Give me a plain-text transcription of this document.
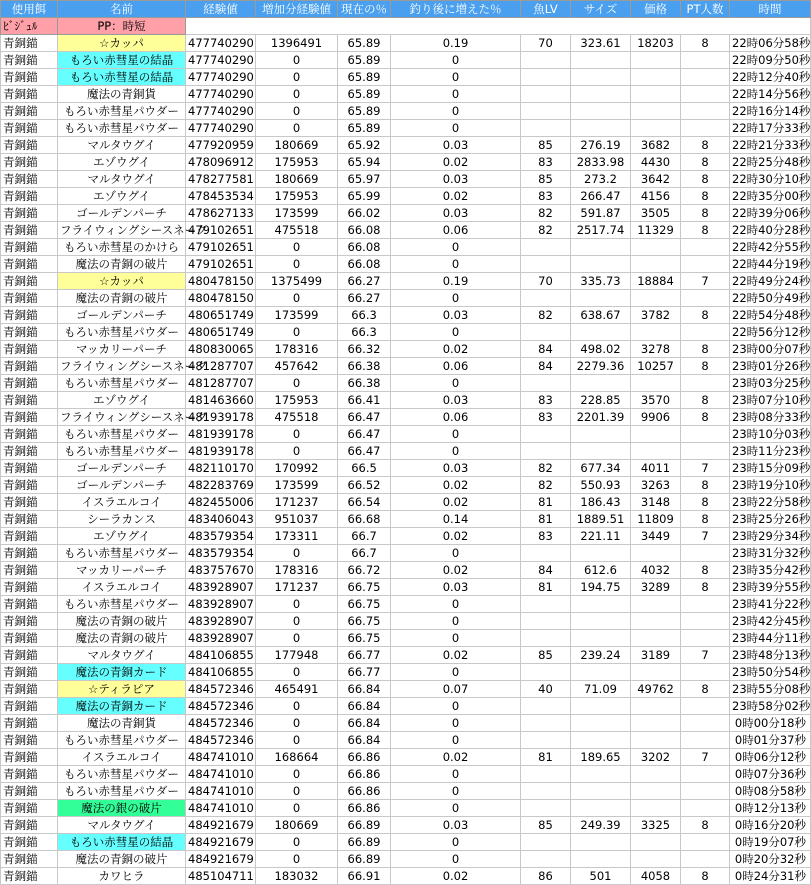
使用餌	名前	経験値	増加分経験値	現在の％	釣り後に増えた％	魚LV	サイズ	価格	PT人数	時間
ﾋﾞｼﾞｭﾙ	PP：時短									
青銅錨	☆カッパ	477740290	1396491	65.89	0.19	70	323.61	18203	8	22時06分58秒
青銅錨	もろい赤彗星の結晶	477740290	0	65.89	0					22時09分50秒
青銅錨	もろい赤彗星の結晶	477740290	0	65.89	0					22時12分40秒
青銅錨	魔法の青銅貨	477740290	0	65.89	0					22時14分56秒
青銅錨	もろい赤彗星パウダー	477740290	0	65.89	0					22時16分14秒
青銅錨	もろい赤彗星パウダー	477740290	0	65.89	0					22時17分33秒
青銅錨	マルタウグイ	477920959	180669	65.92	0.03	85	276.19	3682	8	22時21分33秒
青銅錨	エゾウグイ	478096912	175953	65.94	0.02	83	2833.98	4430	8	22時25分48秒
青銅錨	マルタウグイ	478277581	180669	65.97	0.03	85	273.2	3642	8	22時30分10秒
青銅錨	エゾウグイ	478453534	175953	65.99	0.02	83	266.47	4156	8	22時35分00秒
青銅錨	ゴールデンパーチ	478627133	173599	66.02	0.03	82	591.87	3505	8	22時39分06秒
青銅錨	フライウィングシースネーク	479102651	475518	66.08	0.06	82	2517.74	11329	8	22時40分28秒
青銅錨	もろい赤彗星のかけら	479102651	0	66.08	0					22時42分55秒
青銅錨	魔法の青銅の破片	479102651	0	66.08	0					22時44分19秒
青銅錨	☆カッパ	480478150	1375499	66.27	0.19	70	335.73	18884	7	22時49分24秒
青銅錨	魔法の青銅の破片	480478150	0	66.27	0					22時50分49秒
青銅錨	ゴールデンパーチ	480651749	173599	66.3	0.03	82	638.67	3782	8	22時54分48秒
青銅錨	もろい赤彗星パウダー	480651749	0	66.3	0					22時56分12秒
青銅錨	マッカリーパーチ	480830065	178316	66.32	0.02	84	498.02	3278	8	23時00分07秒
青銅錨	フライウィングシースネーク	481287707	457642	66.38	0.06	84	2279.36	10257	8	23時01分26秒
青銅錨	もろい赤彗星パウダー	481287707	0	66.38	0					23時03分25秒
青銅錨	エゾウグイ	481463660	175953	66.41	0.03	83	228.85	3570	8	23時07分10秒
青銅錨	フライウィングシースネーク	481939178	475518	66.47	0.06	83	2201.39	9906	8	23時08分33秒
青銅錨	もろい赤彗星パウダー	481939178	0	66.47	0					23時10分03秒
青銅錨	もろい赤彗星パウダー	481939178	0	66.47	0					23時11分23秒
青銅錨	ゴールデンパーチ	482110170	170992	66.5	0.03	82	677.34	4011	7	23時15分09秒
青銅錨	ゴールデンパーチ	482283769	173599	66.52	0.02	82	550.93	3263	8	23時19分10秒
青銅錨	イスラエルコイ	482455006	171237	66.54	0.02	81	186.43	3148	8	23時22分58秒
青銅錨	シーラカンス	483406043	951037	66.68	0.14	81	1889.51	11809	8	23時25分26秒
青銅錨	エゾウグイ	483579354	173311	66.7	0.02	83	221.11	3449	7	23時29分34秒
青銅錨	もろい赤彗星パウダー	483579354	0	66.7	0					23時31分32秒
青銅錨	マッカリーパーチ	483757670	178316	66.72	0.02	84	612.6	4032	8	23時35分42秒
青銅錨	イスラエルコイ	483928907	171237	66.75	0.03	81	194.75	3289	8	23時39分55秒
青銅錨	もろい赤彗星パウダー	483928907	0	66.75	0					23時41分22秒
青銅錨	魔法の青銅の破片	483928907	0	66.75	0					23時42分45秒
青銅錨	魔法の青銅の破片	483928907	0	66.75	0					23時44分11秒
青銅錨	マルタウグイ	484106855	177948	66.77	0.02	85	239.24	3189	7	23時48分13秒
青銅錨	魔法の青銅カード	484106855	0	66.77	0					23時50分54秒
青銅錨	☆ティラピア	484572346	465491	66.84	0.07	40	71.09	49762	8	23時55分08秒
青銅錨	魔法の青銅カード	484572346	0	66.84	0					23時58分02秒
青銅錨	魔法の青銅貨	484572346	0	66.84	0					0時00分18秒
青銅錨	もろい赤彗星パウダー	484572346	0	66.84	0					0時01分37秒
青銅錨	イスラエルコイ	484741010	168664	66.86	0.02	81	189.65	3202	7	0時06分12秒
青銅錨	もろい赤彗星パウダー	484741010	0	66.86	0					0時07分36秒
青銅錨	もろい赤彗星パウダー	484741010	0	66.86	0					0時08分58秒
青銅錨	魔法の銀の破片	484741010	0	66.86	0					0時12分13秒
青銅錨	マルタウグイ	484921679	180669	66.89	0.03	85	249.39	3325	8	0時16分20秒
青銅錨	もろい赤彗星の結晶	484921679	0	66.89	0					0時19分07秒
青銅錨	魔法の青銅の破片	484921679	0	66.89	0					0時20分32秒
青銅錨	カワヒラ	485104711	183032	66.91	0.02	86	501	4058	8	0時24分31秒
